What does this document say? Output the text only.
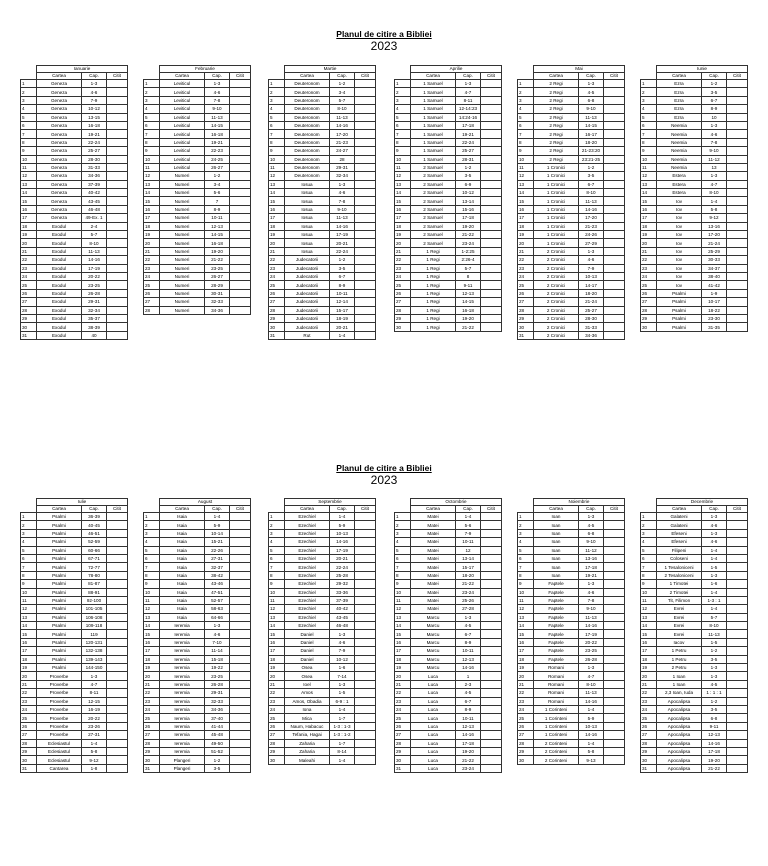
Planul de citire a Bibliei
2023
Planul de citire a Bibliei
2023
	Ianuarie		
	Cartea	Cap.	Citit
1	Geneza	1-3	
2	Geneza	4-6	
3	Geneza	7-9	
4	Geneza	10-12	
5	Geneza	13-15	
6	Geneza	16-18	
7	Geneza	19-21	
8	Geneza	22-24	
9	Geneza	25-27	
10	Geneza	28-30	
11	Geneza	31-33	
12	Geneza	34-36	
13	Geneza	37-39	
14	Geneza	40-42	
15	Geneza	43-45	
16	Geneza	46-48	
17	Geneza	49-Ex. 1	
18	Exodul	2-4	
19	Exodul	5-7	
20	Exodul	8-10	
21	Exodul	11-13	
22	Exodul	14-16	
23	Exodul	17-19	
24	Exodul	20-22	
25	Exodul	23-25	
26	Exodul	26-28	
27	Exodul	29-31	
28	Exodul	32-34	
29	Exodul	35-37	
30	Exodul	38-39	
31	Exodul	40	
	Februarie		
	Cartea	Cap.	Citit
1	Leviticul	1-3	
2	Leviticul	4-6	
3	Leviticul	7-8	
4	Leviticul	9-10	
5	Leviticul	11-13	
6	Leviticul	14-15	
7	Leviticul	16-18	
8	Leviticul	19-21	
9	Leviticul	22-23	
10	Leviticul	24-25	
11	Leviticul	26-27	
12	Numeri	1-2	
13	Numeri	3-4	
14	Numeri	5-6	
15	Numeri	7	
16	Numeri	8-9	
17	Numeri	10-11	
18	Numeri	12-13	
19	Numeri	14-15	
20	Numeri	16-18	
21	Numeri	19-20	
22	Numeri	21-22	
23	Numeri	23-25	
24	Numeri	26-27	
25	Numeri	28-29	
26	Numeri	30-31	
27	Numeri	32-33	
28	Numeri	34-36	
	Martie		
	Cartea	Cap.	Citit
1	Deuteronom	1-2	
2	Deuteronom	3-4	
3	Deuteronom	5-7	
4	Deuteronom	8-10	
5	Deuteronom	11-13	
6	Deuteronom	14-16	
7	Deuteronom	17-20	
8	Deuteronom	21-23	
9	Deuteronom	24-27	
10	Deuteronom	28	
11	Deuteronom	29-31	
12	Deuteronom	32-34	
13	Iosua	1-3	
14	Iosua	4-6	
15	Iosua	7-8	
16	Iosua	9-10	
17	Iosua	11-13	
18	Iosua	14-16	
19	Iosua	17-19	
20	Iosua	20-21	
21	Iosua	22-24	
22	Judecatorii	1-2	
23	Judecatorii	3-5	
24	Judecatorii	6-7	
25	Judecatorii	8-9	
26	Judecatorii	10-11	
27	Judecatorii	12-14	
28	Judecatorii	15-17	
29	Judecatorii	18-19	
30	Judecatorii	20-21	
31	Rut	1-4	
	Aprilie		
	Cartea	Cap.	Citit
1	1 Samuel	1-3	
2	1 Samuel	4-7	
3	1 Samuel	8-11	
4	1 Samuel	12-14:23	
5	1 Samuel	14:24-16	
6	1 Samuel	17-18	
7	1 Samuel	19-21	
8	1 Samuel	22-24	
9	1 Samuel	25-27	
10	1 Samuel	28-31	
11	2 Samuel	1-2	
12	2 Samuel	3-5	
13	2 Samuel	6-9	
14	2 Samuel	10-12	
15	2 Samuel	13-14	
16	2 Samuel	15-16	
17	2 Samuel	17-18	
18	2 Samuel	19-20	
19	2 Samuel	21-22	
20	2 Samuel	23-24	
21	1 Regi	1-2:25	
22	1 Regi	2:26-4	
23	1 Regi	5-7	
24	1 Regi	8	
25	1 Regi	9-11	
26	1 Regi	12-13	
27	1 Regi	14-15	
28	1 Regi	16-18	
29	1 Regi	19-20	
30	1 Regi	21-22	
	Mai		
	Cartea	Cap.	Citit
1	2 Regi	1-3	
2	2 Regi	4-5	
3	2 Regi	6-8	
4	2 Regi	9-10	
5	2 Regi	11-13	
6	2 Regi	14-15	
7	2 Regi	16-17	
8	2 Regi	18-20	
9	2 Regi	21-23:20	
10	2 Regi	23:21-25	
11	1 Cronici	1-2	
12	1 Cronici	3-5	
13	1 Cronici	6-7	
14	1 Cronici	8-10	
15	1 Cronici	11-13	
16	1 Cronici	14-16	
17	1 Cronici	17-20	
18	1 Cronici	21-23	
19	1 Cronici	24-26	
20	1 Cronici	27-29	
21	2 Cronici	1-3	
22	2 Cronici	4-6	
23	2 Cronici	7-9	
24	2 Cronici	10-13	
25	2 Cronici	14-17	
26	2 Cronici	18-20	
27	2 Cronici	21-24	
28	2 Cronici	25-27	
29	2 Cronici	28-30	
30	2 Cronici	31-33	
31	2 Cronici	34-36	
	Iunie		
	Cartea	Cap.	Citit
1	Ezra	1-2	
2	Ezra	3-5	
3	Ezra	6-7	
4	Ezra	8-9	
5	Ezra	10	
6	Neemia	1-3	
7	Neemia	4-6	
8	Neemia	7-8	
9	Neemia	9-10	
10	Neemia	11-12	
11	Neemia	13	
12	Estera	1-3	
13	Estera	4-7	
14	Estera	8-10	
15	Iov	1-4	
16	Iov	5-8	
17	Iov	9-12	
18	Iov	13-16	
19	Iov	17-20	
20	Iov	21-24	
21	Iov	25-29	
22	Iov	30-33	
23	Iov	34-37	
24	Iov	38-40	
25	Iov	41-42	
26	Psalmi	1-9	
27	Psalmi	10-17	
28	Psalmi	18-22	
29	Psalmi	23-30	
30	Psalmi	31-35	
	Iulie		
	Cartea	Cap.	Citit
1	Psalmi	36-39	
2	Psalmi	40-45	
3	Psalmi	46-51	
4	Psalmi	52-59	
5	Psalmi	60-66	
6	Psalmi	67-71	
7	Psalmi	72-77	
8	Psalmi	78-80	
9	Psalmi	81-87	
10	Psalmi	88-91	
11	Psalmi	92-100	
12	Psalmi	101-105	
13	Psalmi	106-108	
14	Psalmi	109-118	
15	Psalmi	119	
16	Psalmi	120-131	
17	Psalmi	132-138	
18	Psalmi	139-143	
19	Psalmi	144-150	
20	Proverbe	1-3	
21	Proverbe	4-7	
22	Proverbe	8-11	
23	Proverbe	12-15	
24	Proverbe	16-19	
25	Proverbe	20-22	
26	Proverbe	23-26	
27	Proverbe	27-31	
28	Eclesiastul	1-4	
29	Eclesiastul	5-8	
30	Eclesiastul	9-12	
31	Cantarea	1-8	
	August		
	Cartea	Cap.	Citit
1	Isaia	1-4	
2	Isaia	5-9	
3	Isaia	10-14	
4	Isaia	15-21	
5	Isaia	22-26	
6	Isaia	27-31	
7	Isaia	32-37	
8	Isaia	38-42	
9	Isaia	43-46	
10	Isaia	47-51	
11	Isaia	52-57	
12	Isaia	58-63	
13	Isaia	64-66	
14	Ieremia	1-3	
15	Ieremia	4-6	
16	Ieremia	7-10	
17	Ieremia	11-14	
18	Ieremia	15-18	
19	Ieremia	19-22	
20	Ieremia	23-25	
21	Ieremia	26-28	
22	Ieremia	29-31	
23	Ieremia	32-33	
24	Ieremia	34-36	
25	Ieremia	37-40	
26	Ieremia	41-44	
27	Ieremia	45-48	
28	Ieremia	49-50	
29	Ieremia	51-52	
30	Plangeri	1-2	
31	Plangeri	3-5	
	Septembrie		
	Cartea	Cap.	Citit
1	Ezechiel	1-4	
2	Ezechiel	5-9	
3	Ezechiel	10-13	
4	Ezechiel	14-16	
5	Ezechiel	17-19	
6	Ezechiel	20-21	
7	Ezechiel	22-24	
8	Ezechiel	25-28	
9	Ezechiel	29-32	
10	Ezechiel	33-36	
11	Ezechiel	37-39	
12	Ezechiel	40-42	
13	Ezechiel	43-45	
14	Ezechiel	46-48	
15	Daniel	1-3	
16	Daniel	4-6	
17	Daniel	7-9	
18	Daniel	10-12	
19	Osea	1-6	
20	Osea	7-14	
21	Ioel	1-3	
22	Amos	1-5	
23	Amos, Obadia	6-9 : 1	
24	Iona	1-4	
25	Mica	1-7	
26	Naum, Habacuc	1-3 : 1-3	
27	Tefania, Hagai	1-3 : 1-2	
28	Zaharia	1-7	
29	Zaharia	8-14	
30	Maleahi	1-4	
	Octombrie		
	Cartea	Cap.	Citit
1	Matei	1-4	
2	Matei	5-6	
3	Matei	7-9	
4	Matei	10-11	
5	Matei	12	
6	Matei	13-14	
7	Matei	15-17	
8	Matei	18-20	
9	Matei	21-22	
10	Matei	23-24	
11	Matei	25-26	
12	Matei	27-28	
13	Marcu	1-3	
14	Marcu	4-5	
15	Marcu	6-7	
16	Marcu	8-9	
17	Marcu	10-11	
18	Marcu	12-13	
19	Marcu	14-16	
20	Luca	1	
21	Luca	2-3	
22	Luca	4-5	
23	Luca	6-7	
24	Luca	8-9	
25	Luca	10-11	
26	Luca	12-13	
27	Luca	14-16	
28	Luca	17-18	
29	Luca	19-20	
30	Luca	21-22	
31	Luca	23-24	
	Noiembrie		
	Cartea	Cap.	Citit
1	Ioan	1-3	
2	Ioan	4-5	
3	Ioan	6-8	
4	Ioan	9-10	
5	Ioan	11-12	
6	Ioan	13-16	
7	Ioan	17-18	
8	Ioan	19-21	
9	Faptele	1-3	
10	Faptele	4-6	
11	Faptele	7-8	
12	Faptele	9-10	
13	Faptele	11-13	
14	Faptele	14-16	
15	Faptele	17-19	
16	Faptele	20-22	
17	Faptele	23-25	
18	Faptele	26-28	
19	Romani	1-3	
20	Romani	4-7	
21	Romani	8-10	
22	Romani	11-13	
23	Romani	14-16	
24	1 Corinteni	1-4	
25	1 Corinteni	5-9	
26	1 Corinteni	10-13	
27	1 Corinteni	14-16	
28	2 Corinteni	1-4	
29	2 Corinteni	5-8	
30	2 Corinteni	9-13	
	Decembrie		
	Cartea	Cap.	Citit
1	Galateni	1-3	
2	Galateni	4-6	
3	Efeseni	1-3	
4	Efeseni	4-6	
5	Filipeni	1-4	
6	Coloseni	1-4	
7	1 Tesaloniceni	1-5	
8	2 Tesaloniceni	1-3	
9	1 Timotei	1-6	
10	2 Timotei	1-4	
11	Tit, Filimon	1-3 : 1	
12	Evrei	1-4	
13	Evrei	5-7	
14	Evrei	8-10	
15	Evrei	11-13	
16	Iacov	1-5	
17	1 Petru	1-2	
18	1 Petru	3-5	
19	2 Petru	1-3	
20	1 Ioan	1-3	
21	1 Ioan	4-5	
22	2,3 Ioan, Iuda	1 : 1 : 1	
23	Apocalipsa	1-2	
24	Apocalipsa	3-5	
25	Apocalipsa	6-8	
26	Apocalipsa	9-11	
27	Apocalipsa	12-13	
28	Apocalipsa	14-16	
29	Apocalipsa	17-18	
30	Apocalipsa	19-20	
31	Apocalipsa	21-22	
